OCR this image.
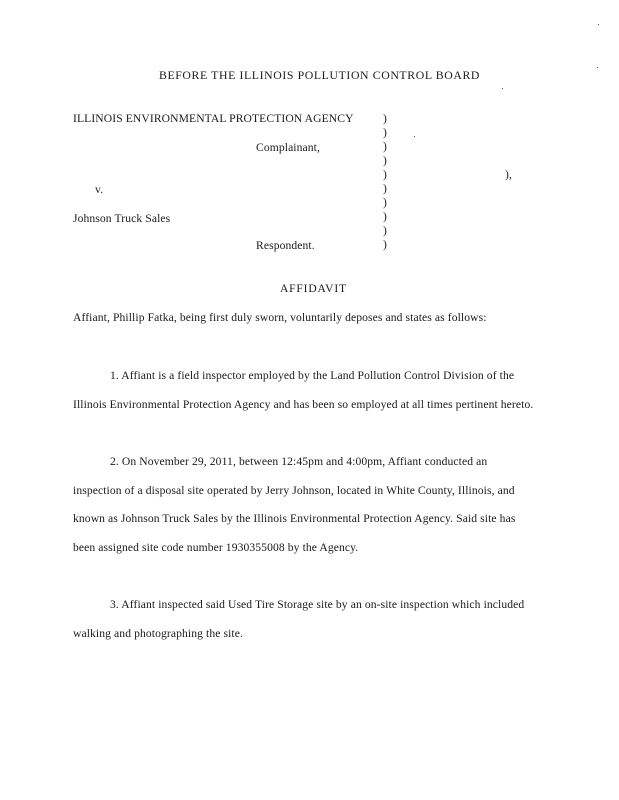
BEFORE THE ILLINOIS POLLUTION CONTROL BOARD
ILLINOIS ENVIRONMENTAL PROTECTION AGENCY
Complainant,
v.
Johnson Truck Sales
Respondent.
)
)
)
)
)
)
)
)
)
)
),
AFFIDAVIT
Affiant, Phillip Fatka, being first duly sworn, voluntarily deposes and states as follows:
1. Affiant is a field inspector employed by the Land Pollution Control Division of the
Illinois Environmental Protection Agency and has been so employed at all times pertinent hereto.
2. On November 29, 2011, between 12:45pm and 4:00pm, Affiant conducted an
inspection of a disposal site operated by Jerry Johnson, located in White County, Illinois, and
known as Johnson Truck Sales by the Illinois Environmental Protection Agency. Said site has
been assigned site code number 1930355008 by the Agency.
3. Affiant inspected said Used Tire Storage site by an on-site inspection which included
walking and photographing the site.
